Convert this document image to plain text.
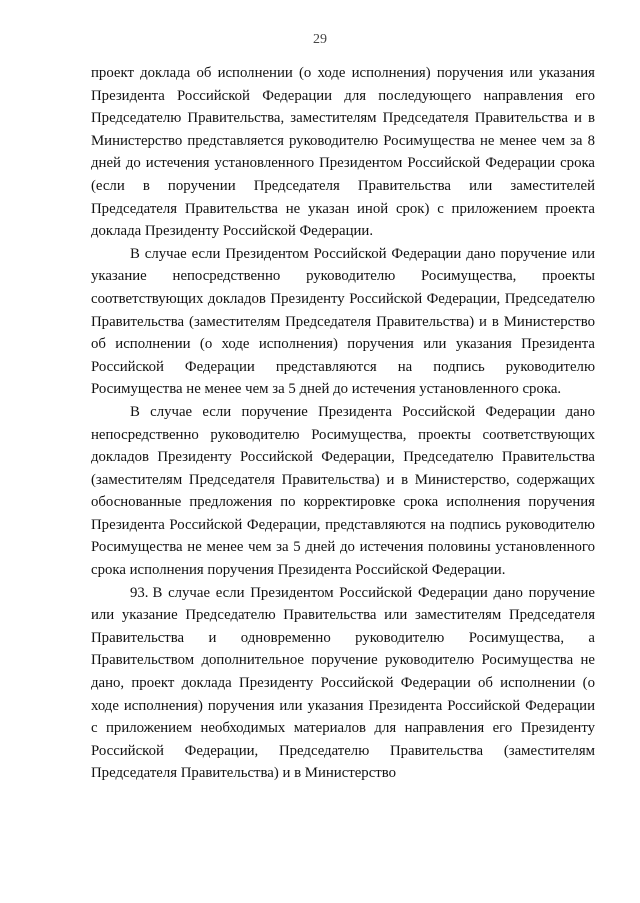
29

проект доклада об исполнении (о ходе исполнения) поручения или указания Президента Российской Федерации для последующего направления его Председателю Правительства, заместителям Председателя Правительства и в Министерство представляется руководителю Росимущества не менее чем за 8 дней до истечения установленного Президентом Российской Федерации срока (если в поручении Председателя Правительства или заместителей Председателя Правительства не указан иной срок) с приложением проекта доклада Президенту Российской Федерации.

В случае если Президентом Российской Федерации дано поручение или указание непосредственно руководителю Росимущества, проекты соответствующих докладов Президенту Российской Федерации, Председателю Правительства (заместителям Председателя Правительства) и в Министерство об исполнении (о ходе исполнения) поручения или указания Президента Российской Федерации представляются на подпись руководителю Росимущества не менее чем за 5 дней до истечения установленного срока.

В случае если поручение Президента Российской Федерации дано непосредственно руководителю Росимущества, проекты соответствующих докладов Президенту Российской Федерации, Председателю Правительства (заместителям Председателя Правительства) и в Министерство, содержащих обоснованные предложения по корректировке срока исполнения поручения Президента Российской Федерации, представляются на подпись руководителю Росимущества не менее чем за 5 дней до истечения половины установленного срока исполнения поручения Президента Российской Федерации.

93. В случае если Президентом Российской Федерации дано поручение или указание Председателю Правительства или заместителям Председателя Правительства и одновременно руководителю Росимущества, а Правительством дополнительное поручение руководителю Росимущества не дано, проект доклада Президенту Российской Федерации об исполнении (о ходе исполнения) поручения или указания Президента Российской Федерации с приложением необходимых материалов для направления его Президенту Российской Федерации, Председателю Правительства (заместителям Председателя Правительства) и в Министерство
